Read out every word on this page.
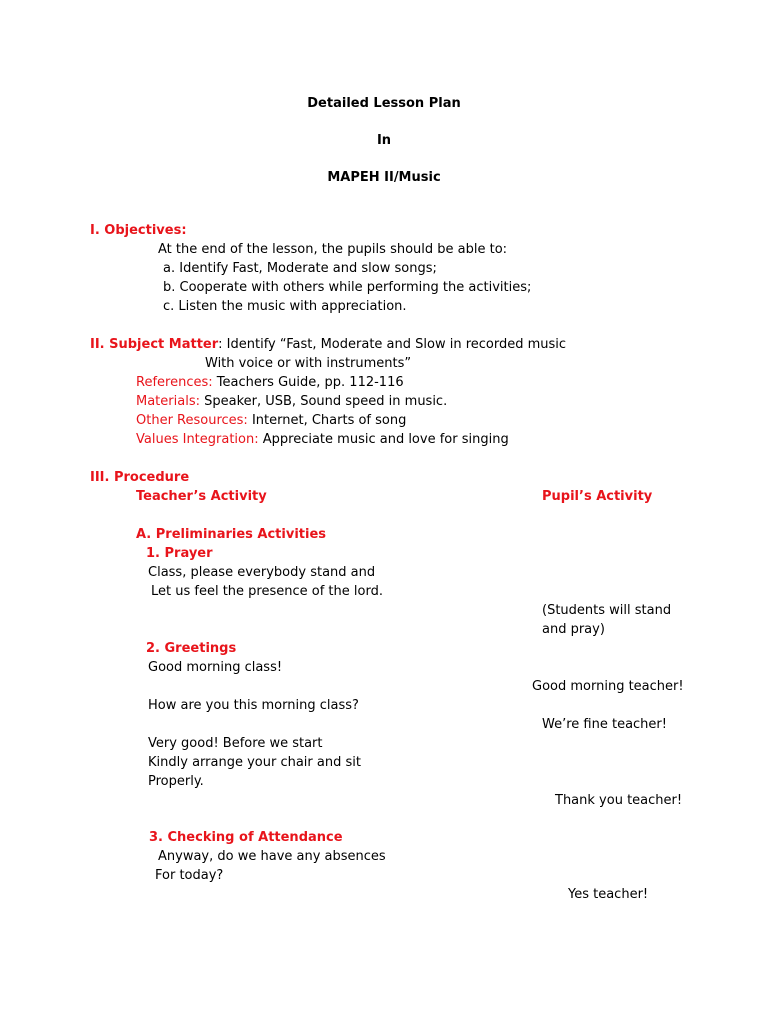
Detailed Lesson Plan
In
MAPEH II/Music
I. Objectives:
At the end of the lesson, the pupils should be able to:
a. Identify Fast, Moderate and slow songs;
b. Cooperate with others while performing the activities;
c. Listen the music with appreciation.
II. Subject Matter: Identify “Fast, Moderate and Slow in recorded music
With voice or with instruments”
References: Teachers Guide, pp. 112-116
Materials: Speaker, USB, Sound speed in music.
Other Resources: Internet, Charts of song
Values Integration: Appreciate music and love for singing
III. Procedure
Teacher’s Activity	Pupil’s Activity
A. Preliminaries Activities
1. Prayer
Class, please everybody stand and
Let us feel the presence of the lord.
(Students will stand
and pray)
2. Greetings
Good morning class!
Good morning teacher!
How are you this morning class?
We’re fine teacher!
Very good! Before we start
Kindly arrange your chair and sit
Properly.
Thank you teacher!
3. Checking of Attendance
Anyway, do we have any absences
For today?
Yes teacher!
